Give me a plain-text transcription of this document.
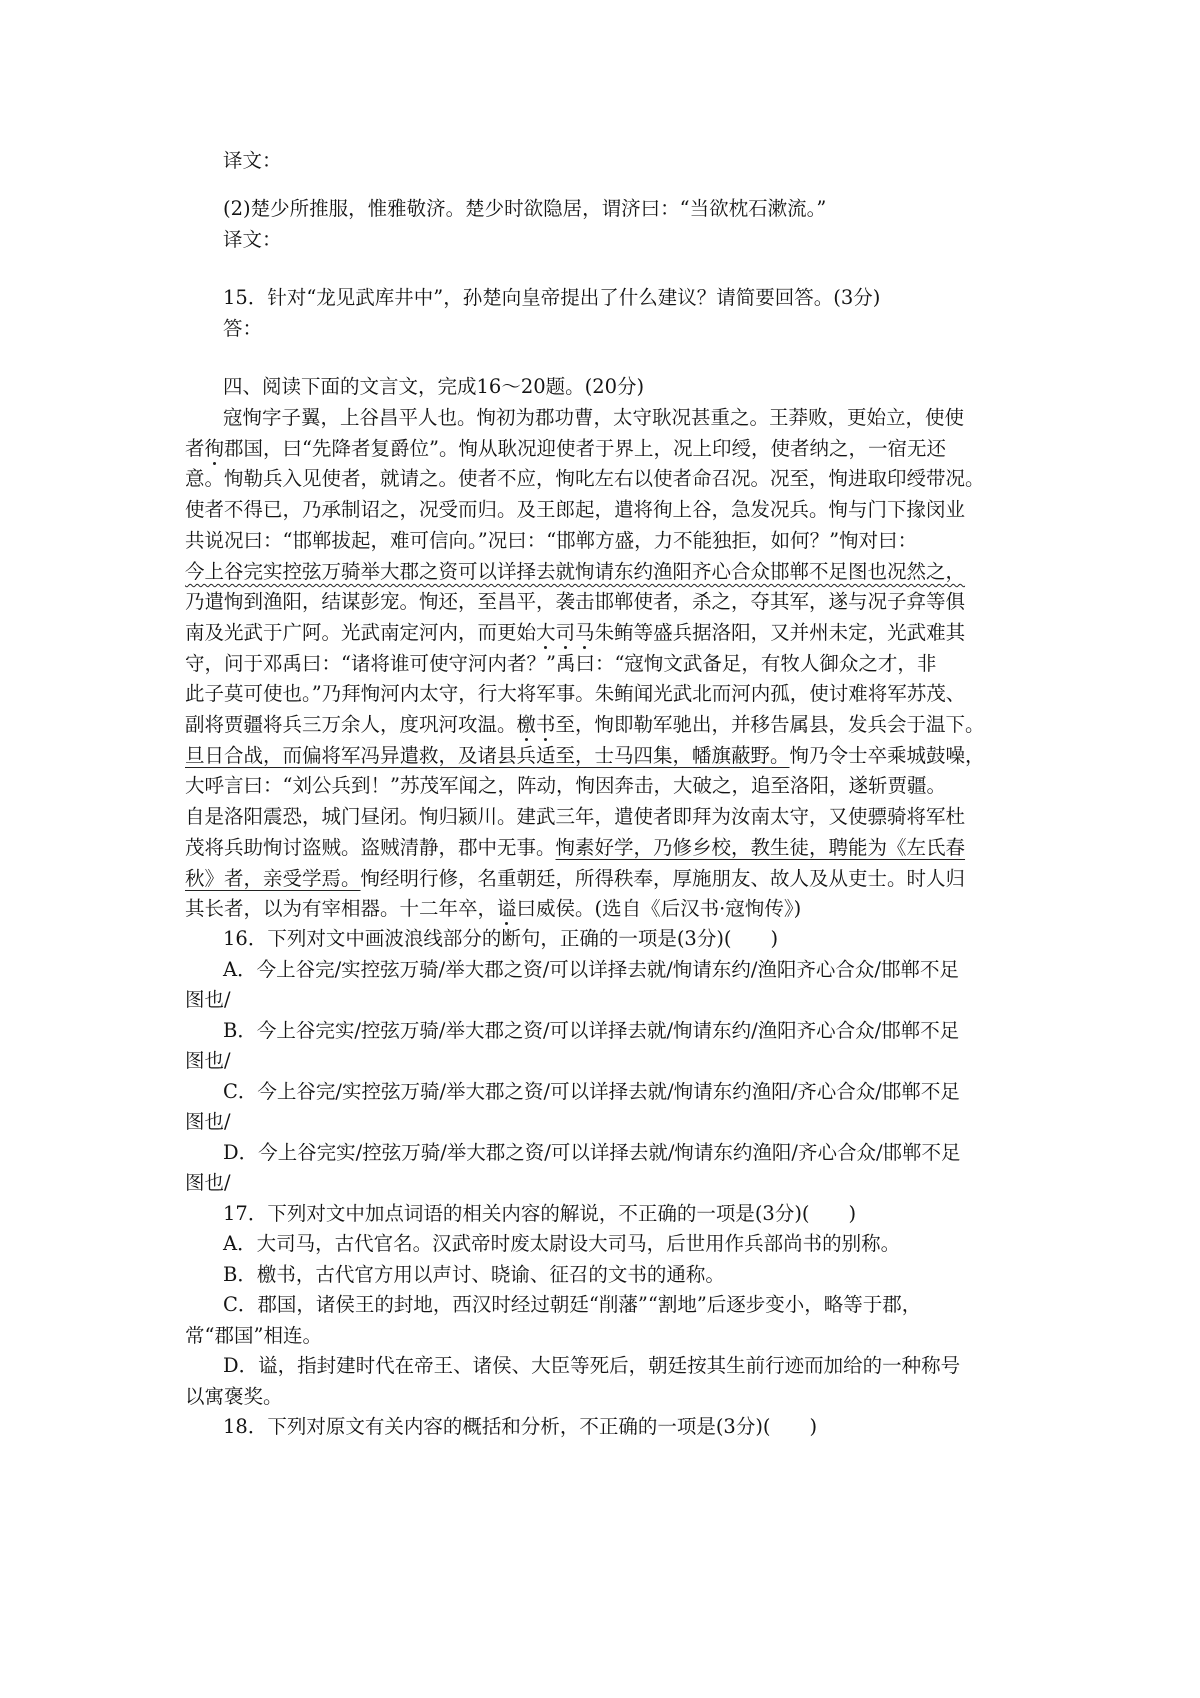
译文：
(2)楚少所推服，惟雅敬济。楚少时欲隐居，谓济曰：“当欲枕石漱流。”
译文：
15．针对“龙见武库井中”，孙楚向皇帝提出了什么建议？请简要回答。(3分)
答：
四、阅读下面的文言文，完成16～20题。(20分)
寇恂字子翼，上谷昌平人也。恂初为郡功曹，太守耿况甚重之。王莽败，更始立，使使
者徇郡国，曰“先降者复爵位”。恂从耿况迎使者于界上，况上印绶，使者纳之，一宿无还
意。恂勒兵入见使者，就请之。使者不应，恂叱左右以使者命召况。况至，恂进取印绶带况。
使者不得已，乃承制诏之，况受而归。及王郎起，遣将徇上谷，急发况兵。恂与门下掾闵业
共说况曰：“邯郸拔起，难可信向。”况曰：“邯郸方盛，力不能独拒，如何？”恂对曰：
今上谷完实控弦万骑举大郡之资可以详择去就恂请东约渔阳齐心合众邯郸不足图也况然之，
乃遣恂到渔阳，结谋彭宠。恂还，至昌平，袭击邯郸使者，杀之，夺其军，遂与况子弇等俱
南及光武于广阿。光武南定河内，而更始大司马朱鲔等盛兵据洛阳，又并州未定，光武难其
守，问于邓禹曰：“诸将谁可使守河内者？”禹曰：“寇恂文武备足，有牧人御众之才，非
此子莫可使也。”乃拜恂河内太守，行大将军事。朱鲔闻光武北而河内孤，使讨难将军苏茂、
副将贾疆将兵三万余人，度巩河攻温。檄书至，恂即勒军驰出，并移告属县，发兵会于温下。
旦日合战，而偏将军冯异遣救，及诸县兵适至，士马四集，幡旗蔽野。恂乃令士卒乘城鼓噪，
大呼言曰：“刘公兵到！”苏茂军闻之，阵动，恂因奔击，大破之，追至洛阳，遂斩贾疆。
自是洛阳震恐，城门昼闭。恂归颍川。建武三年，遣使者即拜为汝南太守，又使骠骑将军杜
茂将兵助恂讨盗贼。盗贼清静，郡中无事。恂素好学，乃修乡校，教生徒，聘能为《左氏春
秋》者，亲受学焉。恂经明行修，名重朝廷，所得秩奉，厚施朋友、故人及从吏士。时人归
其长者，以为有宰相器。十二年卒，谥曰威侯。(选自《后汉书·寇恂传》)
16．下列对文中画波浪线部分的断句，正确的一项是(3分)(　　)
A．今上谷完/实控弦万骑/举大郡之资/可以详择去就/恂请东约/渔阳齐心合众/邯郸不足
图也/
B．今上谷完实/控弦万骑/举大郡之资/可以详择去就/恂请东约/渔阳齐心合众/邯郸不足
图也/
C．今上谷完/实控弦万骑/举大郡之资/可以详择去就/恂请东约渔阳/齐心合众/邯郸不足
图也/
D．今上谷完实/控弦万骑/举大郡之资/可以详择去就/恂请东约渔阳/齐心合众/邯郸不足
图也/
17．下列对文中加点词语的相关内容的解说，不正确的一项是(3分)(　　)
A．大司马，古代官名。汉武帝时废太尉设大司马，后世用作兵部尚书的别称。
B．檄书，古代官方用以声讨、晓谕、征召的文书的通称。
C．郡国，诸侯王的封地，西汉时经过朝廷“削藩”“割地”后逐步变小，略等于郡，
常“郡国”相连。
D．谥，指封建时代在帝王、诸侯、大臣等死后，朝廷按其生前行迹而加给的一种称号
以寓褒奖。
18．下列对原文有关内容的概括和分析，不正确的一项是(3分)(　　)
